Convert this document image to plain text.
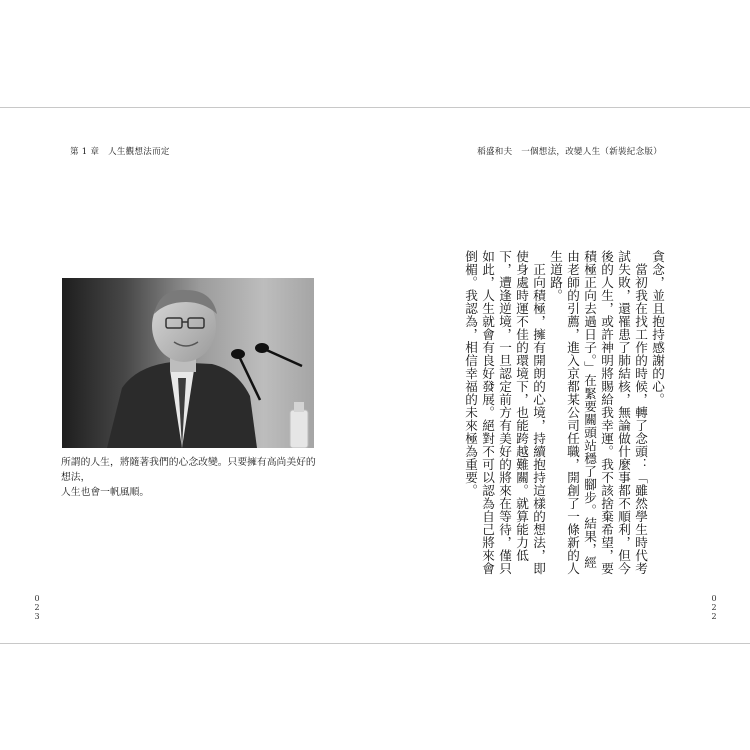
第 1 章　人生觀想法而定	稻盛和夫　一個想法，改變人生（新裝紀念版）
所謂的人生，將隨著我們的心念改變。只要擁有高尚美好的想法，
人生也會一帆風順。

貪念，並且抱持感謝的心。

當初我在找工作的時候，轉了念頭：「雖然學生時代考試失敗，還罹患了肺結核，無論做什麼事都不順利，但今後的人生，或許神明將賜給我幸運。我不該捨棄希望，要積極正向去過日子。」在緊要關頭站穩了腳步。結果，經由老師的引薦，進入京都某公司任職，開創了一條新的人生道路。

正向積極，擁有開朗的心境，持續抱持這樣的想法，即使身處時運不佳的環境下，也能跨越難關。就算能力低下，遭逢逆境，一旦認定前方有美好的將來在等待，僅只如此，人生就會有良好發展。絕對不可以認為自己將來會倒楣。我認為，相信幸福的未來極為重要。

0
2
3
0
2
2
